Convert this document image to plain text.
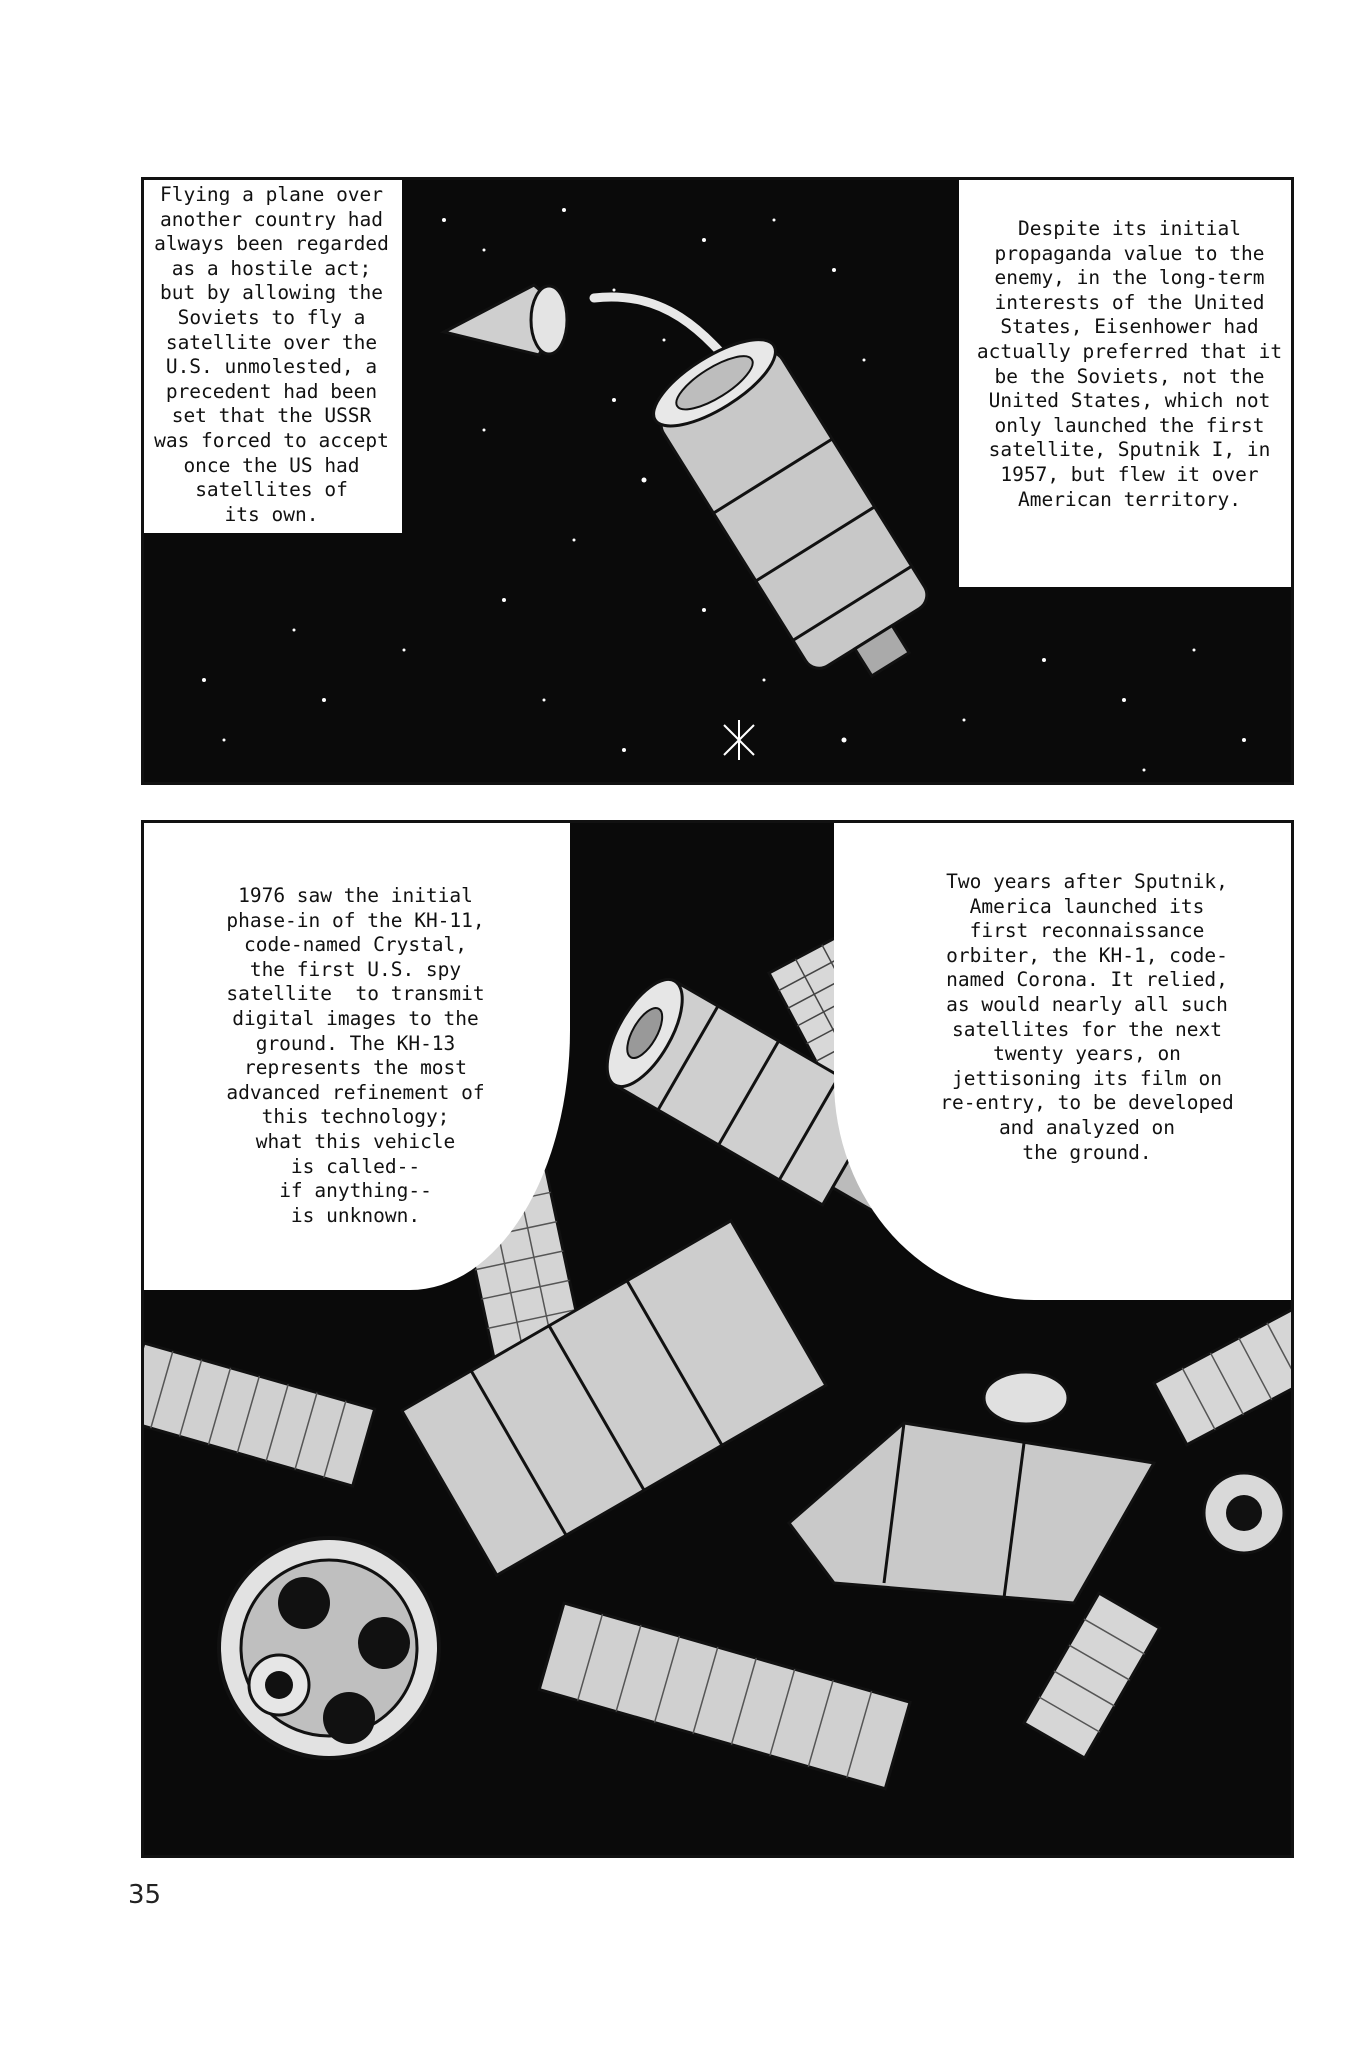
Flying a plane over
another country had
always been regarded
as a hostile act;
but by allowing the
Soviets to fly a
satellite over the
U.S. unmolested, a
precedent had been
set that the USSR
was forced to accept
once the US had
satellites of
its own.
Despite its initial
propaganda value to the
enemy, in the long-term
interests of the United
States, Eisenhower had
actually preferred that it
be the Soviets, not the
United States, which not
only launched the first
satellite, Sputnik I, in
1957, but flew it over
American territory.
1976 saw the initial
phase-in of the KH-11,
code-named Crystal,
the first U.S. spy
satellite  to transmit
digital images to the
ground. The KH-13
represents the most
advanced refinement of
this technology;
what this vehicle
is called--
if anything--
is unknown.
Two years after Sputnik,
America launched its
first reconnaissance
orbiter, the KH-1, code-
named Corona. It relied,
as would nearly all such
satellites for the next
twenty years, on
jettisoning its film on
re-entry, to be developed
and analyzed on
the ground.
35
